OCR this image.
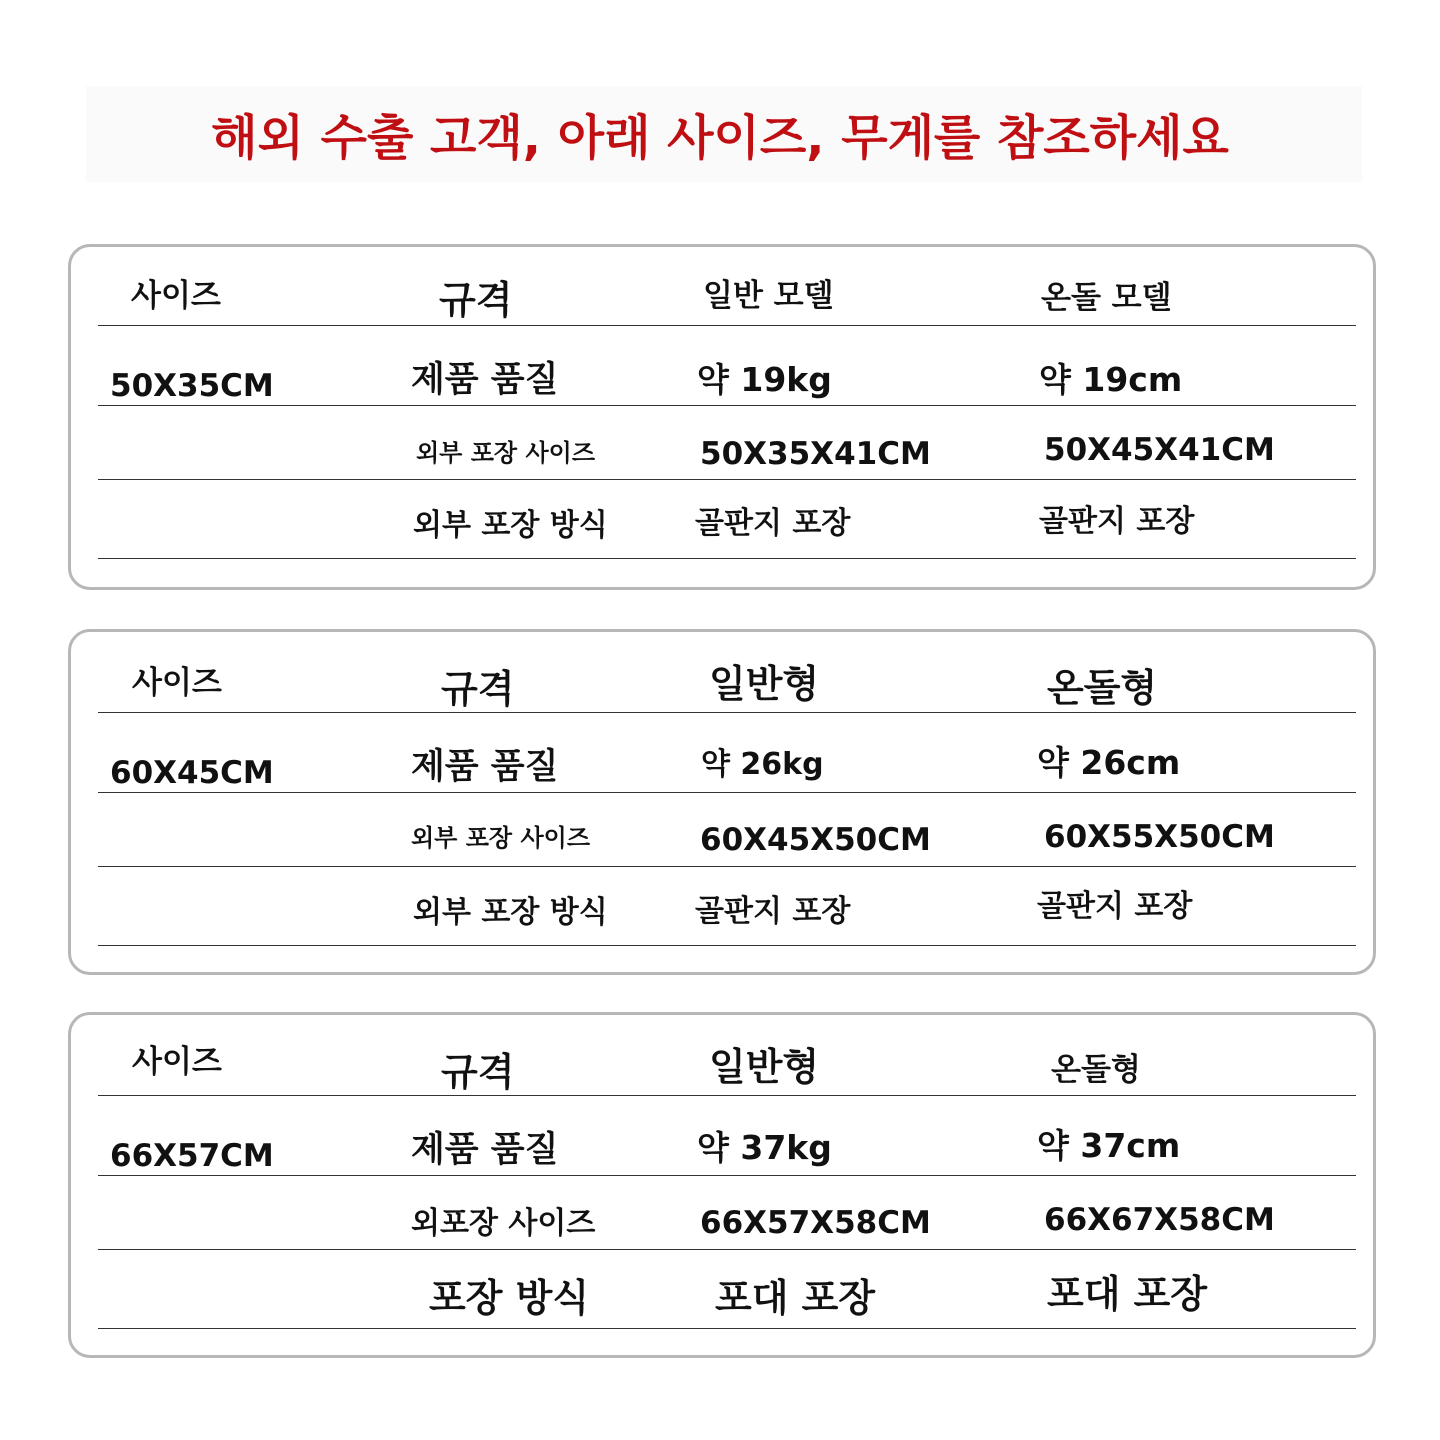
해외 수출 고객, 아래 사이즈, 무게를 참조하세요
사이즈	규격	일반 모델	온돌 모델
50X35CM	제품 품질	약 19kg	약 19cm
외부 포장 사이즈	50X35X41CM	50X45X41CM
외부 포장 방식	골판지 포장	골판지 포장
사이즈	규격	일반형	온돌형
60X45CM	제품 품질	약 26kg	약 26cm
외부 포장 사이즈	60X45X50CM	60X55X50CM
외부 포장 방식	골판지 포장	골판지 포장
사이즈	규격	일반형	온돌형
66X57CM	제품 품질	약 37kg	약 37cm
외포장 사이즈	66X57X58CM	66X67X58CM
포장 방식	포대 포장	포대 포장
